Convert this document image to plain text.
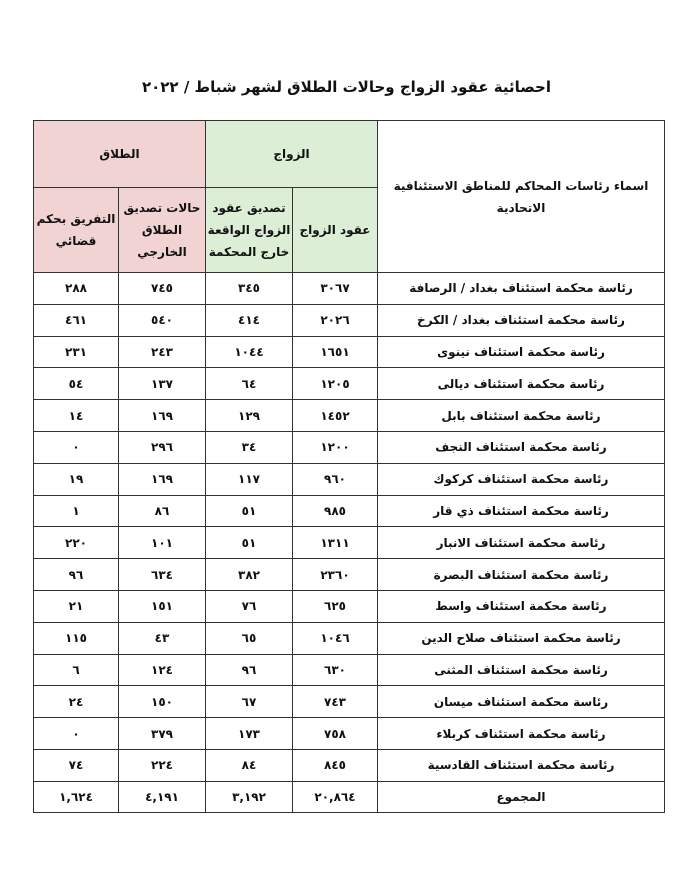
احصائية عقود الزواج وحالات الطلاق لشهر شباط / ٢٠٢٢
اسماء رئاسات المحاكم للمناطق الاستئنافية الاتحادية	الزواج		الطلاق	
	عقود الزواج	تصديق عقود الزواج الواقعة خارج المحكمة	حالات تصديق الطلاق الخارجي	التفريق بحكم قضائي
رئاسة محكمة استئناف بغداد / الرصافة	٣٠٦٧	٣٤٥	٧٤٥	٢٨٨
رئاسة محكمة استئناف بغداد / الكرخ	٢٠٢٦	٤١٤	٥٤٠	٤٦١
رئاسة محكمة استئناف نينوى	١٦٥١	١٠٤٤	٢٤٣	٢٣١
رئاسة محكمة استئناف ديالى	١٢٠٥	٦٤	١٣٧	٥٤
رئاسة محكمة استئناف بابل	١٤٥٢	١٢٩	١٦٩	١٤
رئاسة محكمة استئناف النجف	١٢٠٠	٣٤	٢٩٦	٠
رئاسة محكمة استئناف كركوك	٩٦٠	١١٧	١٦٩	١٩
رئاسة محكمة استئناف ذي قار	٩٨٥	٥١	٨٦	١
رئاسة محكمة استئناف الانبار	١٣١١	٥١	١٠١	٢٢٠
رئاسة محكمة استئناف البصرة	٢٣٦٠	٣٨٢	٦٣٤	٩٦
رئاسة محكمة استئناف واسط	٦٢٥	٧٦	١٥١	٢١
رئاسة محكمة استئناف صلاح الدين	١٠٤٦	٦٥	٤٣	١١٥
رئاسة محكمة استئناف المثنى	٦٣٠	٩٦	١٢٤	٦
رئاسة محكمة استئناف ميسان	٧٤٣	٦٧	١٥٠	٢٤
رئاسة محكمة استئناف كربلاء	٧٥٨	١٧٣	٣٧٩	٠
رئاسة محكمة استئناف القادسية	٨٤٥	٨٤	٢٢٤	٧٤
المجموع	٢٠,٨٦٤	٣,١٩٢	٤,١٩١	١,٦٢٤
